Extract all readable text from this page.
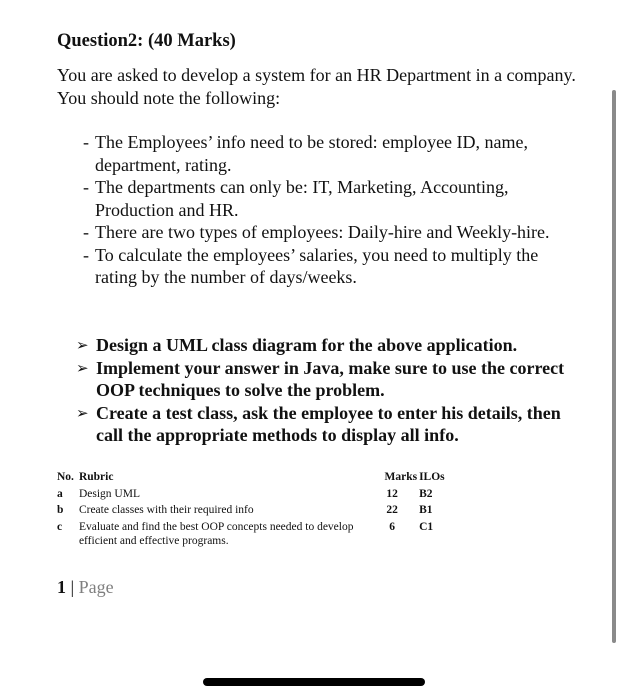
Question2: (40 Marks)

You are asked to develop a system for an HR Department in a company.
You should note the following:

- The Employees’ info need to be stored: employee ID, name, department, rating.
- The departments can only be: IT, Marketing, Accounting, Production and HR.
- There are two types of employees: Daily-hire and Weekly-hire.
- To calculate the employees’ salaries, you need to multiply the rating by the number of days/weeks.
➢ Design a UML class diagram for the above application.
➢ Implement your answer in Java, make sure to use the correct OOP techniques to solve the problem.
➢ Create a test class, ask the employee to enter his details, then call the appropriate methods to display all info.
No.	Rubric	Marks	ILOs
a	Design UML	12	B2
b	Create classes with their required info	22	B1
c	Evaluate and find the best OOP concepts needed to develop efficient and effective programs.	6	C1
1 | Page
